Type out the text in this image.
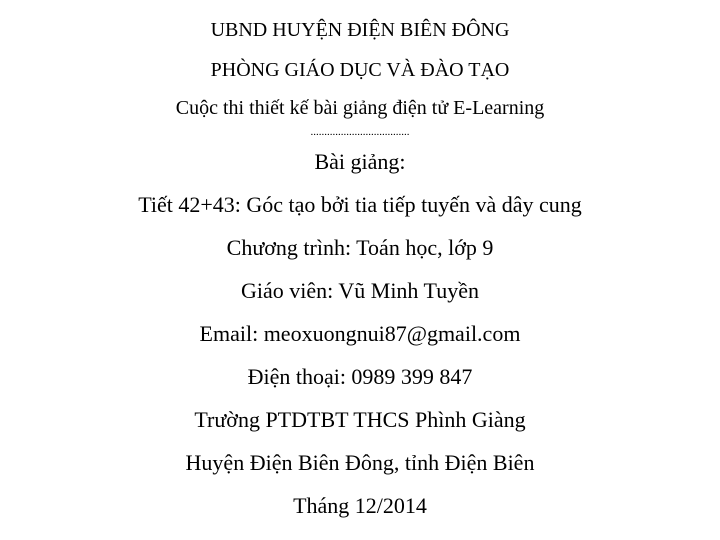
UBND HUYỆN ĐIỆN BIÊN ĐÔNG
PHÒNG GIÁO DỤC VÀ ĐÀO TẠO
Cuộc thi thiết kế bài giảng điện tử E-Learning
....................................
Bài giảng:
Tiết 42+43: Góc tạo bởi tia tiếp tuyến và dây cung
Chương trình: Toán học, lớp 9
Giáo viên: Vũ Minh Tuyền
Email: meoxuongnui87@gmail.com
Điện thoại: 0989 399 847
Trường PTDTBT THCS Phình Giàng
Huyện Điện Biên Đông, tỉnh Điện Biên
Tháng 12/2014
